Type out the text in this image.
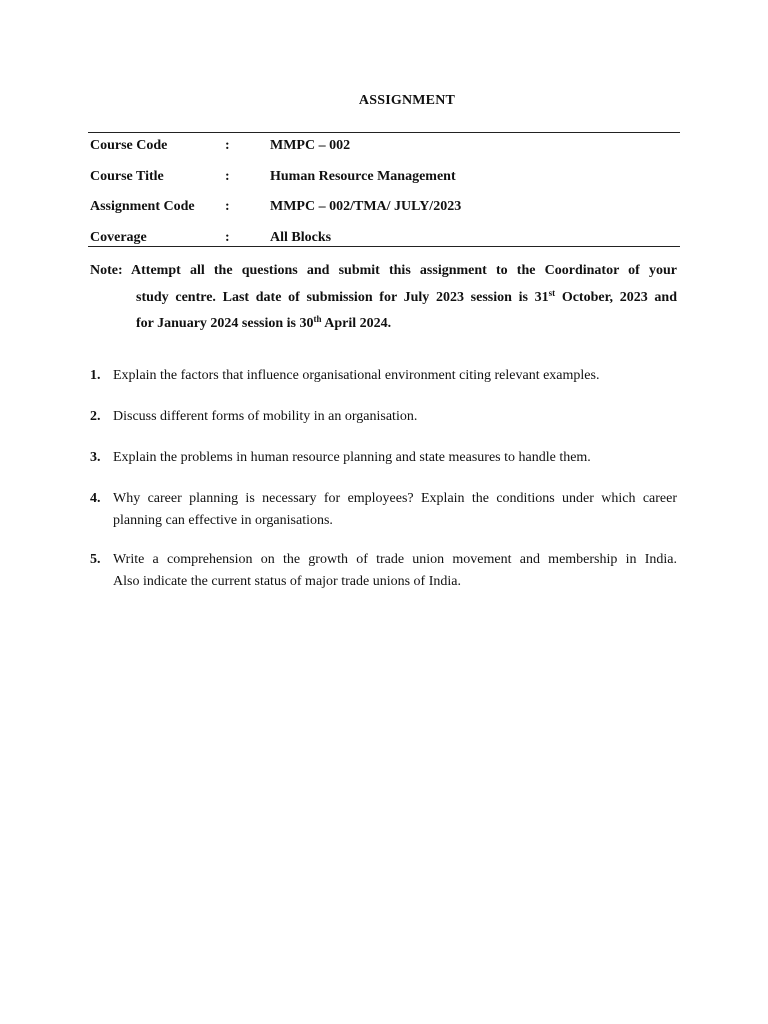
ASSIGNMENT
Course Code	:	MMPC – 002
Course Title	:	Human Resource Management
Assignment Code :	MMPC – 002/TMA/ JULY/2023
Coverage	:	All Blocks
Note: Attempt all the questions and submit this assignment to the Coordinator of your
study centre. Last date of submission for July 2023 session is 31st October, 2023 and
for January 2024 session is 30th April 2024.
1. Explain the factors that influence organisational environment citing relevant examples.
2. Discuss different forms of mobility in an organisation.
3. Explain the problems in human resource planning and state measures to handle them.
4. Why career planning is necessary for employees? Explain the conditions under which career
planning can effective in organisations.
5. Write a comprehension on the growth of trade union movement and membership in India.
Also indicate the current status of major trade unions of India.
